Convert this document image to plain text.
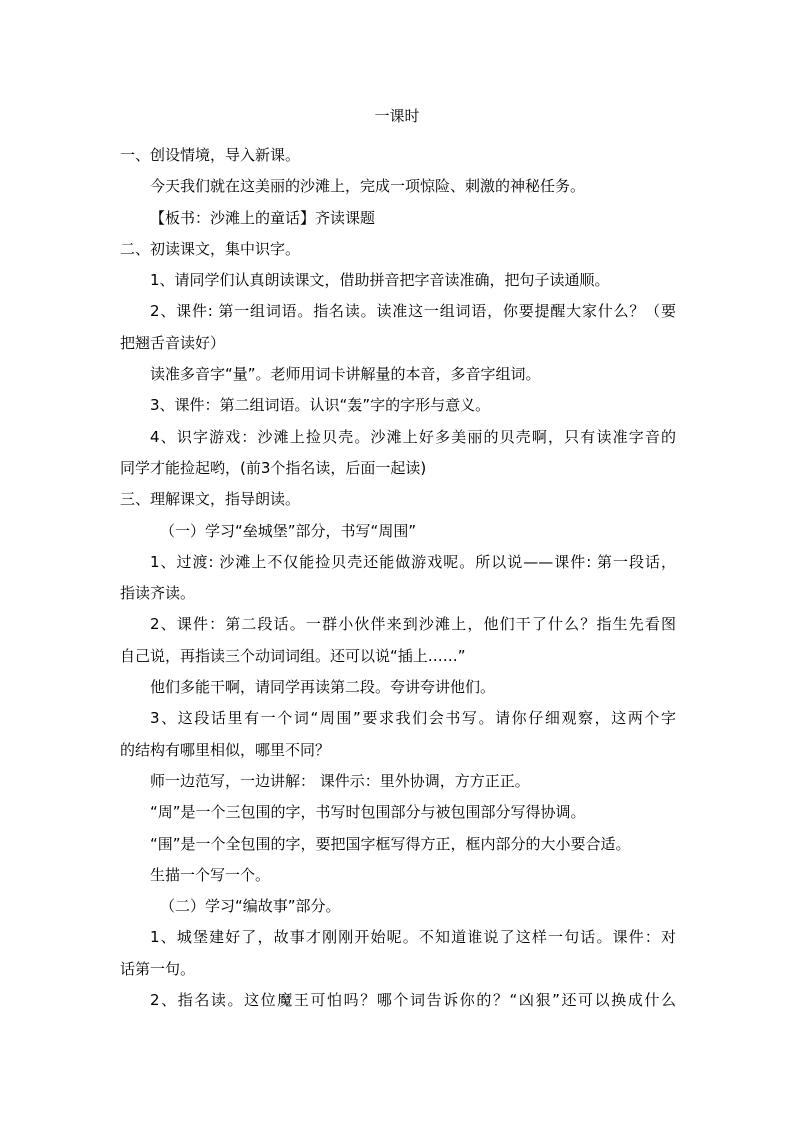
一课时
一、创设情境，导入新课。
今天我们就在这美丽的沙滩上，完成一项惊险、刺激的神秘任务。
【板书：沙滩上的童话】齐读课题
二、初读课文，集中识字。
1、请同学们认真朗读课文，借助拼音把字音读准确，把句子读通顺。
2、课件: 第一组词语。指名读。读准这一组词语，你要提醒大家什么？（要
把翘舌音读好）
读准多音字“量”。老师用词卡讲解量的本音，多音字组词。
3、课件：第二组词语。认识“轰”字的字形与意义。
4、识字游戏：沙滩上捡贝壳。沙滩上好多美丽的贝壳啊，只有读准字音的
同学才能捡起哟，(前3个指名读，后面一起读)
三、理解课文，指导朗读。
（一）学习“垒城堡”部分，书写“周围”
1、过渡: 沙滩上不仅能捡贝壳还能做游戏呢。所以说——课件: 第一段话，
指读齐读。
2、课件：第二段话。一群小伙伴来到沙滩上，他们干了什么？指生先看图
自己说，再指读三个动词词组。还可以说“插上……”
他们多能干啊，请同学再读第二段。夸讲夸讲他们。
3、这段话里有一个词“周围”要求我们会书写。请你仔细观察，这两个字
的结构有哪里相似，哪里不同？
师一边范写，一边讲解： 课件示：里外协调，方方正正。
“周”是一个三包围的字，书写时包围部分与被包围部分写得协调。
“围”是一个全包围的字，要把国字框写得方正，框内部分的大小要合适。
生描一个写一个。
（二）学习“编故事”部分。
1、城堡建好了，故事才刚刚开始呢。不知道谁说了这样一句话。课件：对
话第一句。
2、指名读。这位魔王可怕吗？哪个词告诉你的？“凶狠”还可以换成什么
